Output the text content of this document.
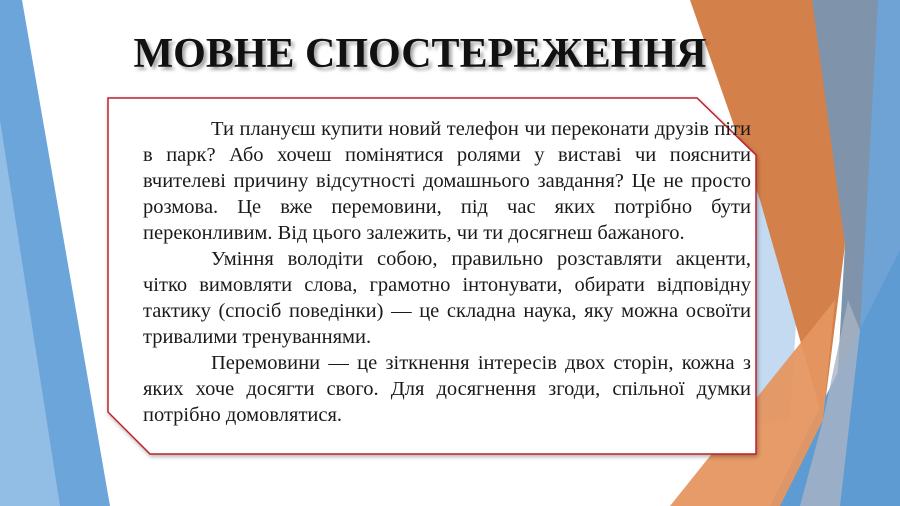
МОВНЕ СПОСТЕРЕЖЕННЯ

Ти плануєш купити новий телефон чи переконати друзів піти в парк? Або хочеш помінятися ролями у виставі чи пояснити вчителеві причину відсутності домашнього завдання? Це не просто розмова. Це вже перемовини, під час яких потрібно бути переконливим. Від цього залежить, чи ти досягнеш бажаного.

Уміння володіти собою, правильно розставляти акценти, чітко вимовляти слова, грамотно інтонувати, обирати відповідну тактику (спосіб поведінки) — це складна наука, яку можна освоїти тривалими тренуваннями.

Перемовини — це зіткнення інтересів двох сторін, кожна з яких хоче досягти свого. Для досягнення згоди, спільної думки потрібно домовлятися.
